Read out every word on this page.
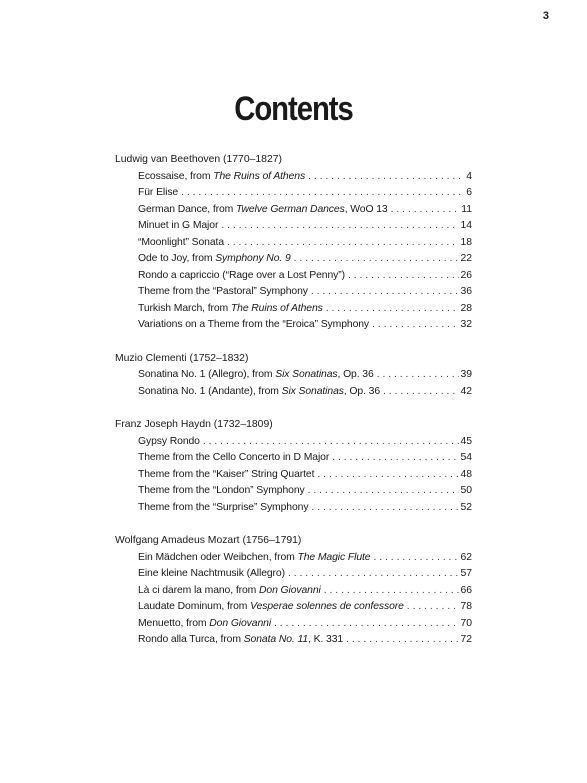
3
Contents
Ludwig van Beethoven (1770–1827)
Ecossaise, from The Ruins of Athens . . .	4
Für Elise . . .	6
German Dance, from Twelve German Dances, WoO 13 . . .	11
Minuet in G Major . . .	14
“Moonlight” Sonata . . .	18
Ode to Joy, from Symphony No. 9 . . .	22
Rondo a capriccio (“Rage over a Lost Penny”) . . .	26
Theme from the “Pastoral” Symphony . . .	36
Turkish March, from The Ruins of Athens . . .	28
Variations on a Theme from the “Eroica” Symphony . . .	32
Muzio Clementi (1752–1832)
Sonatina No. 1 (Allegro), from Six Sonatinas, Op. 36 . . .	39
Sonatina No. 1 (Andante), from Six Sonatinas, Op. 36 . . .	42
Franz Joseph Haydn (1732–1809)
Gypsy Rondo . . .	45
Theme from the Cello Concerto in D Major . . .	54
Theme from the “Kaiser” String Quartet . . .	48
Theme from the “London” Symphony . . .	50
Theme from the “Surprise” Symphony . . .	52
Wolfgang Amadeus Mozart (1756–1791)
Ein Mädchen oder Weibchen, from The Magic Flute . . .	62
Eine kleine Nachtmusik (Allegro) . . .	57
Là ci darem la mano, from Don Giovanni . . .	66
Laudate Dominum, from Vesperae solennes de confessore . . .	78
Menuetto, from Don Giovanni . . .	70
Rondo alla Turca, from Sonata No. 11, K. 331 . . .	72
